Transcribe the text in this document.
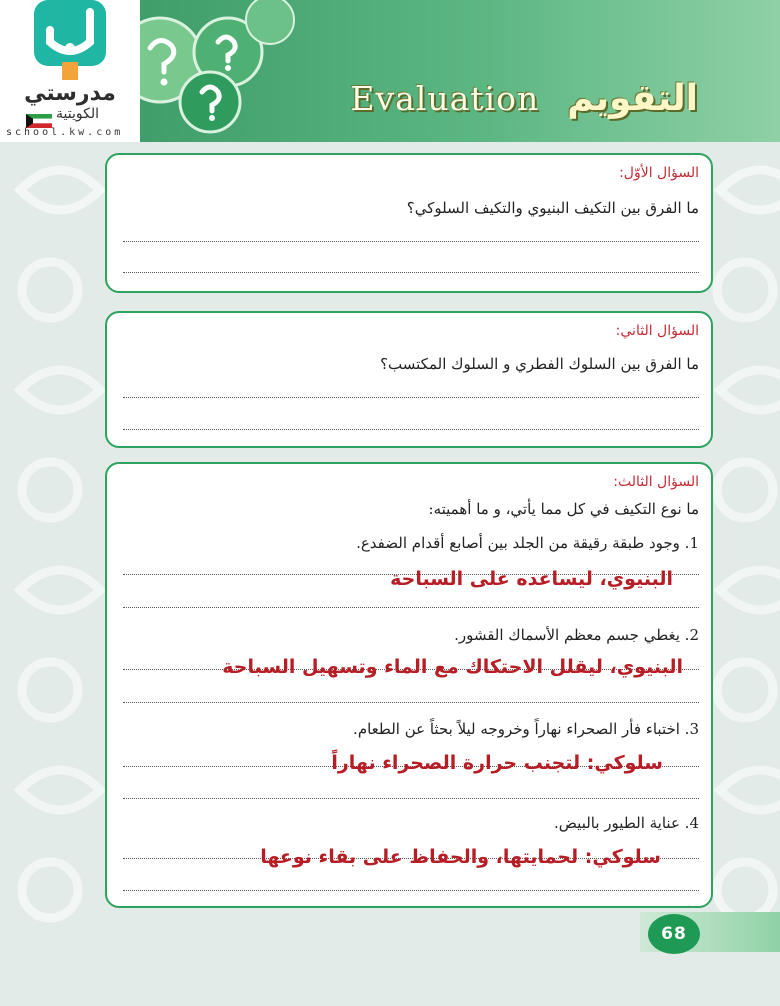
Evaluation التقويم
مدرستي
الكويتية
school.kw.com
السؤال الأوّل:
ما الفرق بين التكيف البنيوي والتكيف السلوكي؟
السؤال الثاني:
ما الفرق بين السلوك الفطري و السلوك المكتسب؟
السؤال الثالث:
ما نوع التكيف في كل مما يأتي، و ما أهميته:
1. وجود طبقة رقيقة من الجلد بين أصابع أقدام الضفدع.
البنيوي، ليساعده على السباحة
2. يغطي جسم معظم الأسماك القشور.
البنيوي، ليقلل الاحتكاك مع الماء وتسهيل السباحة
3. اختباء فأر الصحراء نهاراً وخروجه ليلاً بحثاً عن الطعام.
سلوكي: لتجنب حرارة الصحراء نهاراً
4. عناية الطيور بالبيض.
سلوكي: لحمايتها، والحفاظ على بقاء نوعها
68
